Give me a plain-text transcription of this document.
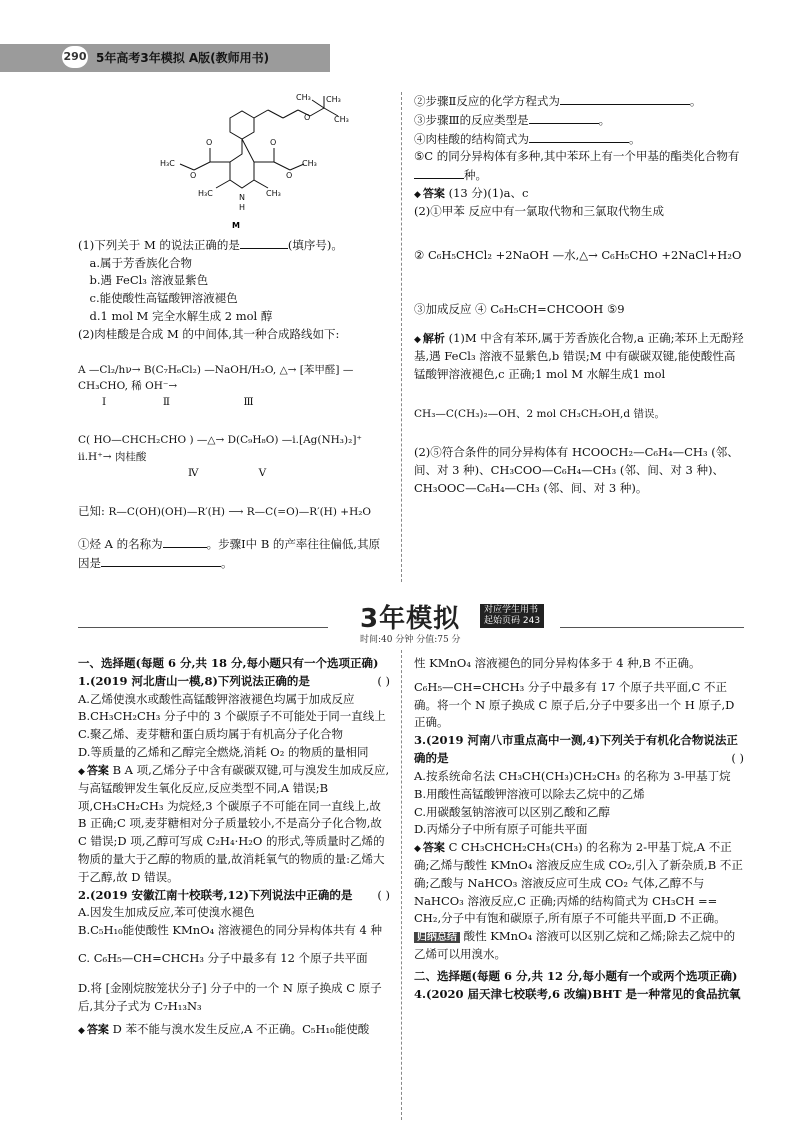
290 5年高考3年模拟 A版(教师用书)
O
CH₃
CH₃
CH₃
O	O
O	O
H₃C	CH₃
H₃C	CH₃
N
H
M

(1)下列关于 M 的说法正确的是	(填序号)。

a.属于芳香族化合物

b.遇 FeCl₃ 溶液显紫色

c.能使酸性高锰酸钾溶液褪色

d.1 mol M 完全水解生成 2 mol 醇

(2)肉桂酸是合成 M 的中间体,其一种合成路线如下:

A —Cl₂/hν→ B(C₇H₆Cl₂) —NaOH/H₂O, △→ [苯甲醛] —CH₃CHO, 稀 OH⁻→

Ⅰ                 Ⅱ                      Ⅲ

C( HO—CHCH₂CHO ) —△→ D(C₉H₈O) —ⅰ.[Ag(NH₃)₂]⁺ ⅱ.H⁺→ 肉桂酸

Ⅳ                  Ⅴ

已知: R—C(OH)(OH)—R′(H) ⟶ R—C(=O)—R′(H) +H₂O

①烃 A 的名称为	。步骤Ⅰ中 B 的产率往往偏低,其原因是	。

②步骤Ⅱ反应的化学方程式为	。

③步骤Ⅲ的反应类型是	。

④肉桂酸的结构简式为	。

⑤C 的同分异构体有多种,其中苯环上有一个甲基的酯类化合物有种。

◆ 答案 (13 分)(1)a、c

(2)①甲苯 反应中有一氯取代物和三氯取代物生成

② C₆H₅CHCl₂ +2NaOH —水,△→ C₆H₅CHO +2NaCl+H₂O

③加成反应 ④ C₆H₅CH=CHCOOH ⑤9

◆ 解析 (1)M 中含有苯环,属于芳香族化合物,a 正确;苯环上无酚羟基,遇 FeCl₃ 溶液不显紫色,b 错误;M 中有碳碳双键,能使酸性高锰酸钾溶液褪色,c 正确;1 mol M 水解生成1 mol

CH₃—C(CH₃)₂—OH、2 mol CH₃CH₂OH,d 错误。

(2)⑤符合条件的同分异构体有 HCOOCH₂—C₆H₄—CH₃ (邻、间、对 3 种)、CH₃COO—C₆H₄—CH₃ (邻、间、对 3 种)、CH₃OOC—C₆H₄—CH₃ (邻、间、对 3 种)。

3年模拟	对应学生用书
起始页码 243
时间:40 分钟 分值:75 分

一、选择题(每题 6 分,共 18 分,每小题只有一个选项正确)

1.(2019 河北唐山一模,8)下列说法正确的是	( )

A.乙烯使溴水或酸性高锰酸钾溶液褪色均属于加成反应

B.CH₃CH₂CH₃ 分子中的 3 个碳原子不可能处于同一直线上

C.聚乙烯、麦芽糖和蛋白质均属于有机高分子化合物

D.等质量的乙烯和乙醇完全燃烧,消耗 O₂ 的物质的量相同

◆ 答案 B A 项,乙烯分子中含有碳碳双键,可与溴发生加成反应,与高锰酸钾发生氧化反应,反应类型不同,A 错误;B 项,CH₃CH₂CH₃ 为烷烃,3 个碳原子不可能在同一直线上,故 B 正确;C 项,麦芽糖相对分子质量较小,不是高分子化合物,故 C 错误;D 项,乙醇可写成 C₂H₄·H₂O 的形式,等质量时乙烯的物质的量大于乙醇的物质的量,故消耗氧气的物质的量:乙烯大于乙醇,故 D 错误。

2.(2019 安徽江南十校联考,12)下列说法中正确的是 ( )

A.因发生加成反应,苯可使溴水褪色

B.C₅H₁₀能使酸性 KMnO₄ 溶液褪色的同分异构体共有 4 种

C. C₆H₅—CH=CHCH₃ 分子中最多有 12 个原子共平面

D.将 [金刚烷胺笼状分子] 分子中的一个 N 原子换成 C 原子后,其分子式为 C₇H₁₃N₃

◆ 答案 D 苯不能与溴水发生反应,A 不正确。C₅H₁₀能使酸

性 KMnO₄ 溶液褪色的同分异构体多于 4 种,B 不正确。

C₆H₅—CH=CHCH₃ 分子中最多有 17 个原子共平面,C 不正确。将一个 N 原子换成 C 原子后,分子中要多出一个 H 原子,D 正确。

3.(2019 河南八市重点高中一测,4)下列关于有机化合物说法正确的是	( )

A.按系统命名法 CH₃CH(CH₃)CH₂CH₃ 的名称为 3-甲基丁烷

B.用酸性高锰酸钾溶液可以除去乙烷中的乙烯

C.用碳酸氢钠溶液可以区别乙酸和乙醇

D.丙烯分子中所有原子可能共平面

◆ 答案 C CH₃CHCH₂CH₃(CH₃) 的名称为 2-甲基丁烷,A 不正确;乙烯与酸性 KMnO₄ 溶液反应生成 CO₂,引入了新杂质,B 不正确;乙酸与 NaHCO₃ 溶液反应可生成 CO₂ 气体,乙醇不与 NaHCO₃ 溶液反应,C 正确;丙烯的结构简式为 CH₃CH == CH₂,分子中有饱和碳原子,所有原子不可能共平面,D 不正确。

归纳总结 酸性 KMnO₄ 溶液可以区别乙烷和乙烯;除去乙烷中的乙烯可以用溴水。

二、选择题(每题 6 分,共 12 分,每小题有一个或两个选项正确)

4.(2020 届天津七校联考,6 改编)BHT 是一种常见的食品抗氧
